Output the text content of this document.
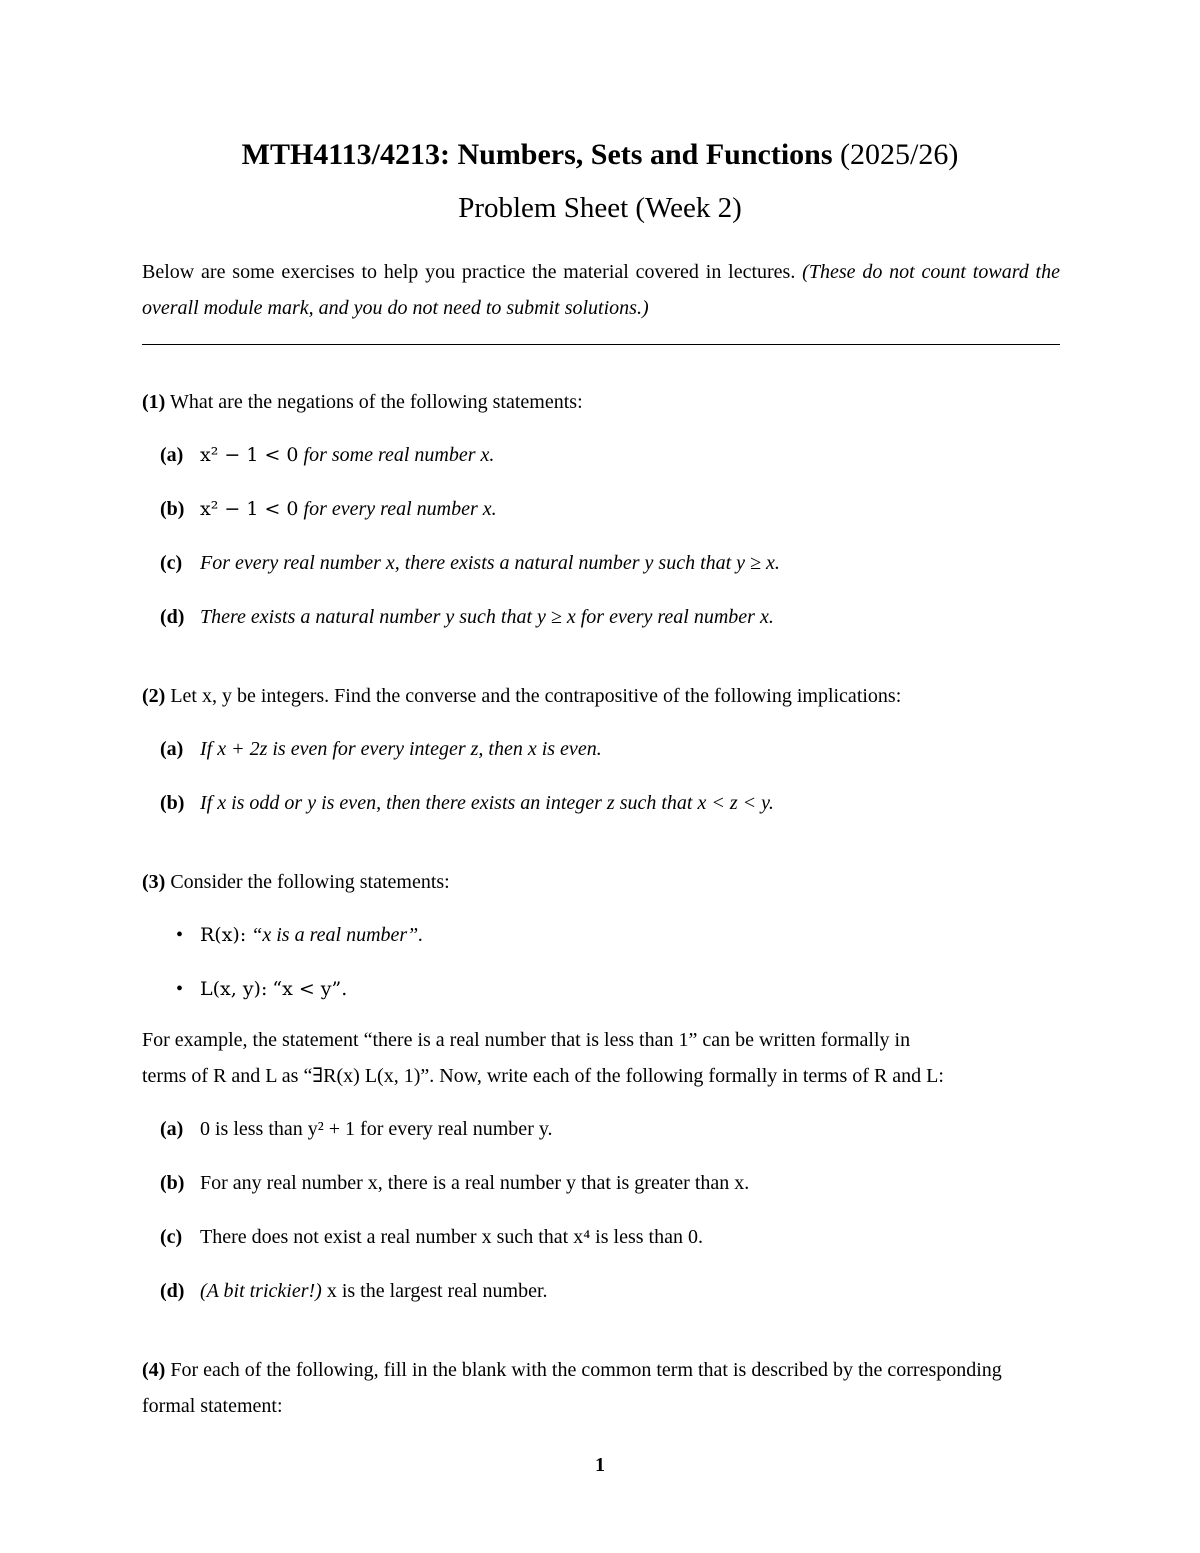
MTH4113/4213: Numbers, Sets and Functions (2025/26)
Problem Sheet (Week 2)
Below are some exercises to help you practice the material covered in lectures. (These do not count toward the overall module mark, and you do not need to submit solutions.)
(1) What are the negations of the following statements:
(a) x² − 1 < 0 for some real number x.
(b) x² − 1 < 0 for every real number x.
(c) For every real number x, there exists a natural number y such that y ≥ x.
(d) There exists a natural number y such that y ≥ x for every real number x.
(2) Let x, y be integers. Find the converse and the contrapositive of the following implications:
(a) If x + 2z is even for every integer z, then x is even.
(b) If x is odd or y is even, then there exists an integer z such that x < z < y.
(3) Consider the following statements:
• R(x): “x is a real number”.
• L(x, y): “x < y”.
For example, the statement “there is a real number that is less than 1” can be written formally in
terms of R and L as “∃R(x) L(x, 1)”. Now, write each of the following formally in terms of R and L:
(a) 0 is less than y² + 1 for every real number y.
(b) For any real number x, there is a real number y that is greater than x.
(c) There does not exist a real number x such that x⁴ is less than 0.
(d) (A bit trickier!) x is the largest real number.
(4) For each of the following, fill in the blank with the common term that is described by the corresponding formal statement:
1
